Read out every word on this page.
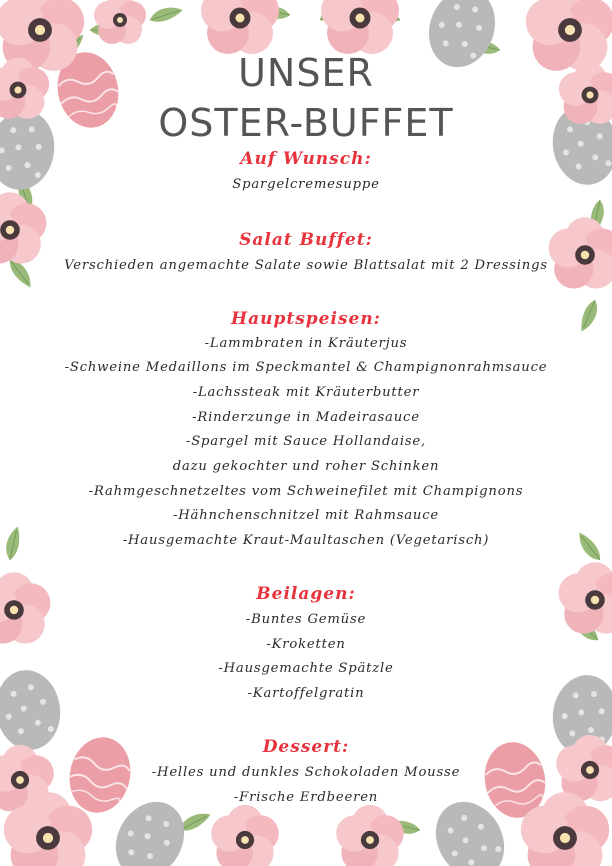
UNSER
OSTER-BUFFET
Auf Wunsch:
Spargelcremesuppe
Salat Buffet:
Verschieden angemachte Salate sowie Blattsalat mit 2 Dressings
Hauptspeisen:
-Lammbraten in Kräuterjus
-Schweine Medaillons im Speckmantel & Champignonrahmsauce
-Lachssteak mit Kräuterbutter
-Rinderzunge in Madeirasauce
-Spargel mit Sauce Hollandaise,
dazu gekochter und roher Schinken
-Rahmgeschnetzeltes vom Schweinefilet mit Champignons
-Hähnchenschnitzel mit Rahmsauce
-Hausgemachte Kraut-Maultaschen (Vegetarisch)
Beilagen:
-Buntes Gemüse
-Kroketten
-Hausgemachte Spätzle
-Kartoffelgratin
Dessert:
-Helles und dunkles Schokoladen Mousse
-Frische Erdbeeren
